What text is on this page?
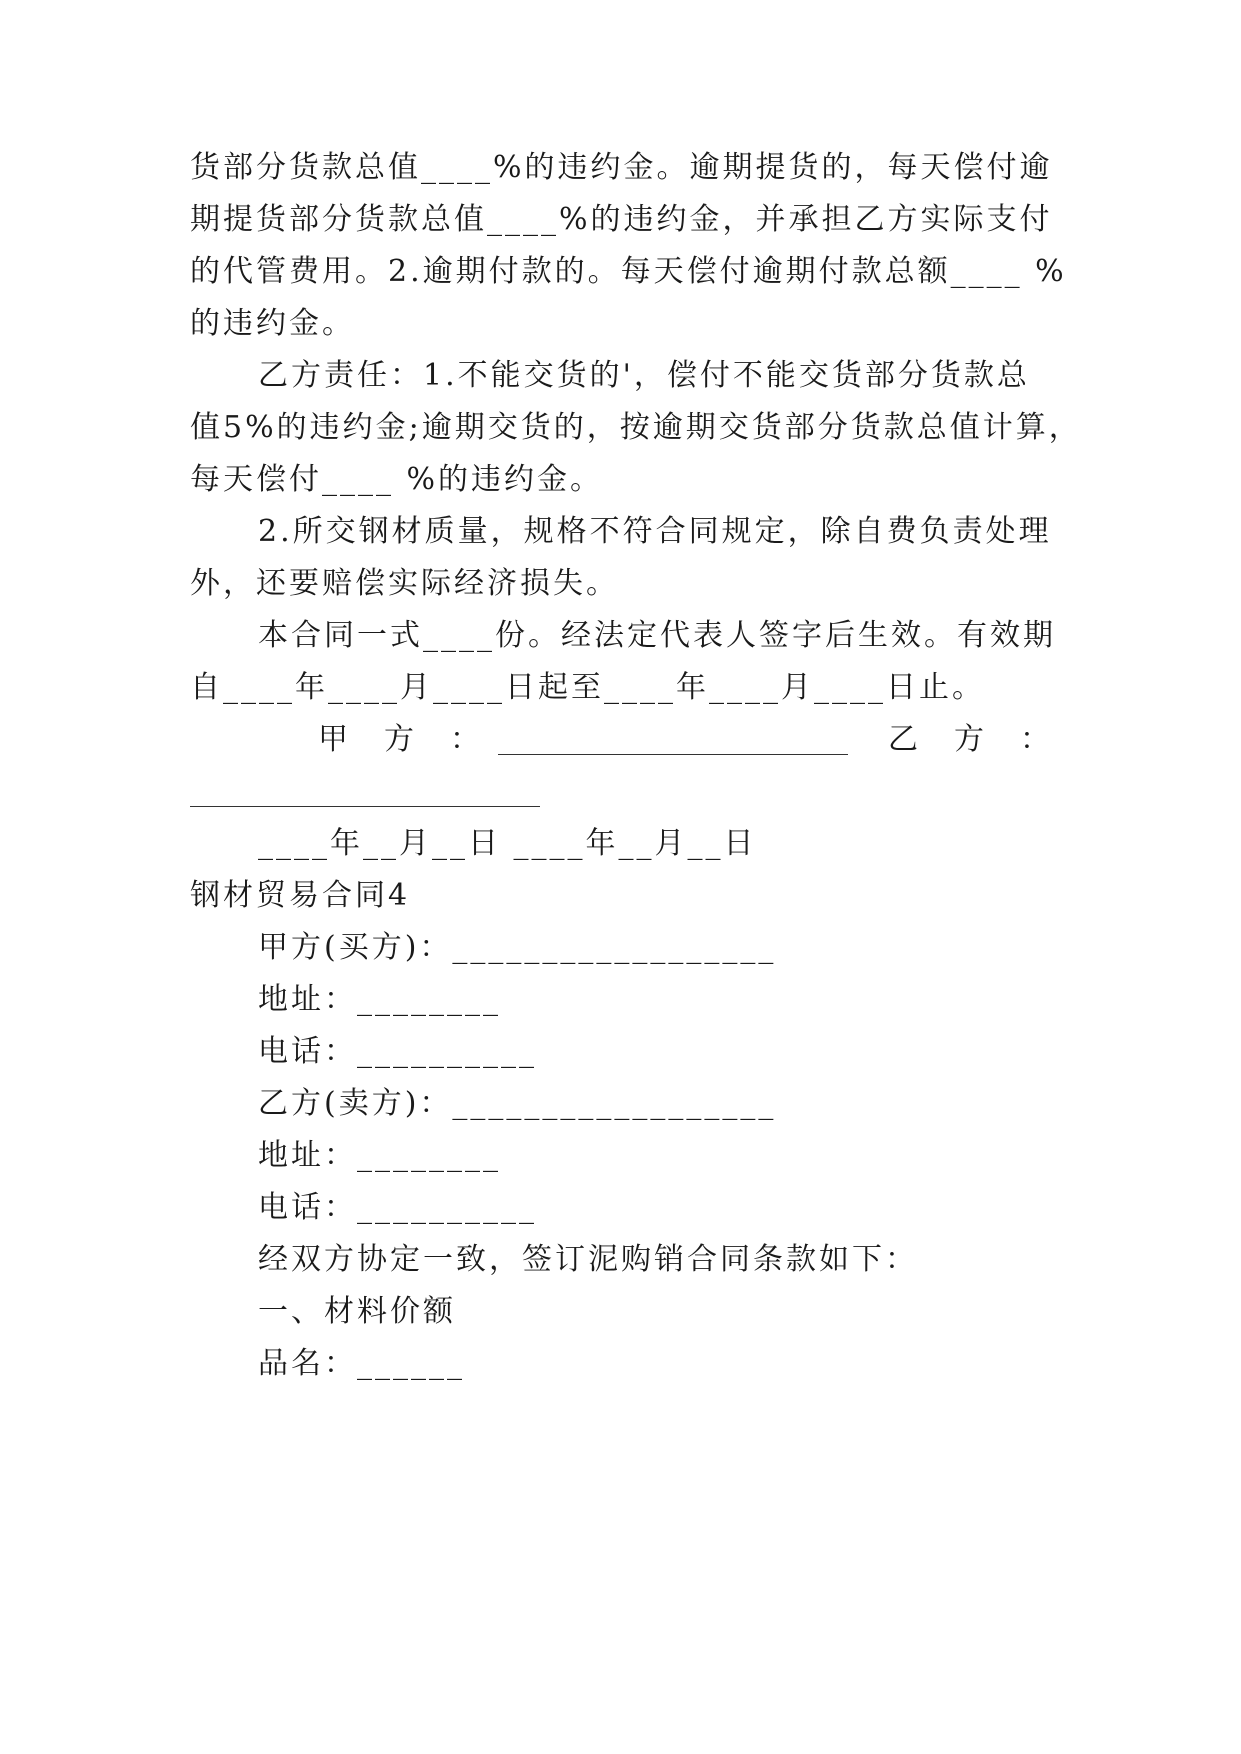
货部分货款总值____%的违约金。逾期提货的，每天偿付逾
期提货部分货款总值____%的违约金，并承担乙方实际支付
的代管费用。2.逾期付款的。每天偿付逾期付款总额____ %
的违约金。
乙方责任：1.不能交货的'，偿付不能交货部分货款总
值5%的违约金;逾期交货的，按逾期交货部分货款总值计算，
每天偿付____ %的违约金。
2.所交钢材质量，规格不符合同规定，除自费负责处理
外，还要赔偿实际经济损失。
本合同一式____份。经法定代表人签字后生效。有效期
自____年____月____日起至____年____月____日止。
甲　方　：	乙　方　：
____年__月__日 ____年__月__日
钢材贸易合同4
甲方(买方)：__________________
地址：________
电话：__________
乙方(卖方)：__________________
地址：________
电话：__________
经双方协定一致，签订泥购销合同条款如下：
一、材料价额
品名：______
